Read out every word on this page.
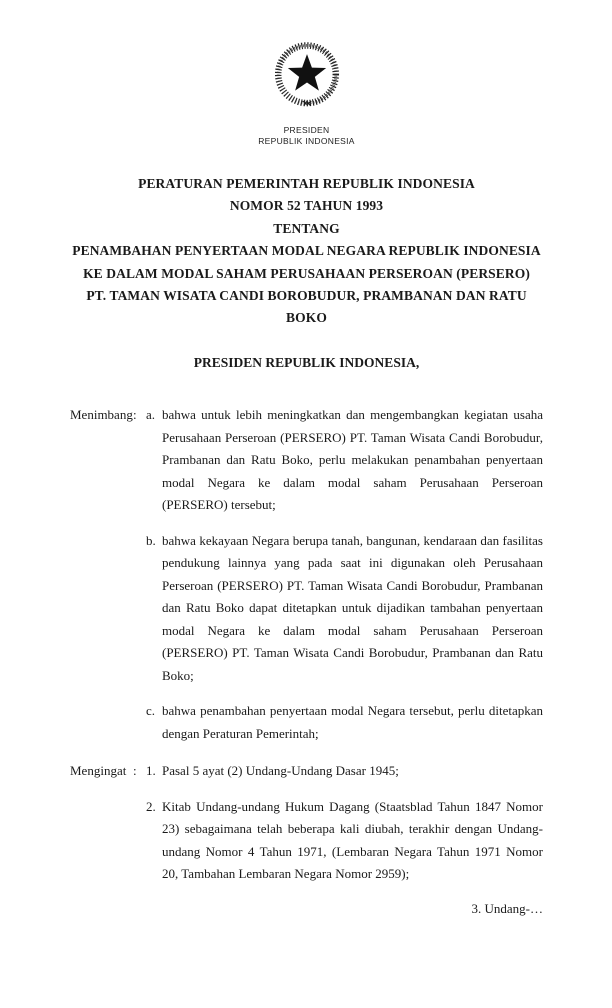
PRESIDEN
REPUBLIK INDONESIA
PERATURAN PEMERINTAH REPUBLIK INDONESIA
NOMOR 52 TAHUN 1993
TENTANG
PENAMBAHAN PENYERTAAN MODAL NEGARA REPUBLIK INDONESIA
KE DALAM MODAL SAHAM PERUSAHAAN PERSEROAN (PERSERO)
PT. TAMAN WISATA CANDI BOROBUDUR, PRAMBANAN DAN RATU BOKO
PRESIDEN REPUBLIK INDONESIA,
Menimbang : a. bahwa untuk lebih meningkatkan dan mengembangkan kegiatan usaha Perusahaan Perseroan (PERSERO) PT. Taman Wisata Candi Borobudur, Prambanan dan Ratu Boko, perlu melakukan penambahan penyertaan modal Negara ke dalam modal saham Perusahaan Perseroan (PERSERO) tersebut;
b. bahwa kekayaan Negara berupa tanah, bangunan, kendaraan dan fasilitas pendukung lainnya yang pada saat ini digunakan oleh Perusahaan Perseroan (PERSERO) PT. Taman Wisata Candi Borobudur, Prambanan dan Ratu Boko dapat ditetapkan untuk dijadikan tambahan penyertaan modal Negara ke dalam modal saham Perusahaan Perseroan (PERSERO) PT. Taman Wisata Candi Borobudur, Prambanan dan Ratu Boko;
c. bahwa penambahan penyertaan modal Negara tersebut, perlu ditetapkan dengan Peraturan Pemerintah;
Mengingat : 1. Pasal 5 ayat (2) Undang-Undang Dasar 1945;
2. Kitab Undang-undang Hukum Dagang (Staatsblad Tahun 1847 Nomor 23) sebagaimana telah beberapa kali diubah, terakhir dengan Undang-undang Nomor 4 Tahun 1971, (Lembaran Negara Tahun 1971 Nomor 20, Tambahan Lembaran Negara Nomor 2959);
3. Undang-…
